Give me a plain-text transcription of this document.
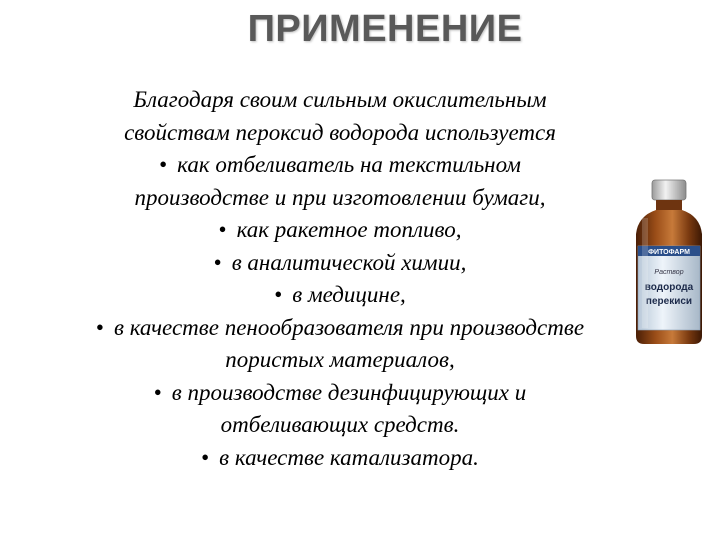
ПРИМЕНЕНИЕ
Благодаря своим сильным окислительным
свойствам пероксид водорода используется
• как отбеливатель на текстильном
производстве и при изготовлении бумаги,
• как ракетное топливо,
• в аналитической химии,
• в медицине,
• в качестве пенообразователя при производстве
пористых материалов,
• в производстве дезинфицирующих и
отбеливающих средств.
• в качестве катализатора.
ФИТОФАРМ
Раствор
водорода
перекиси
